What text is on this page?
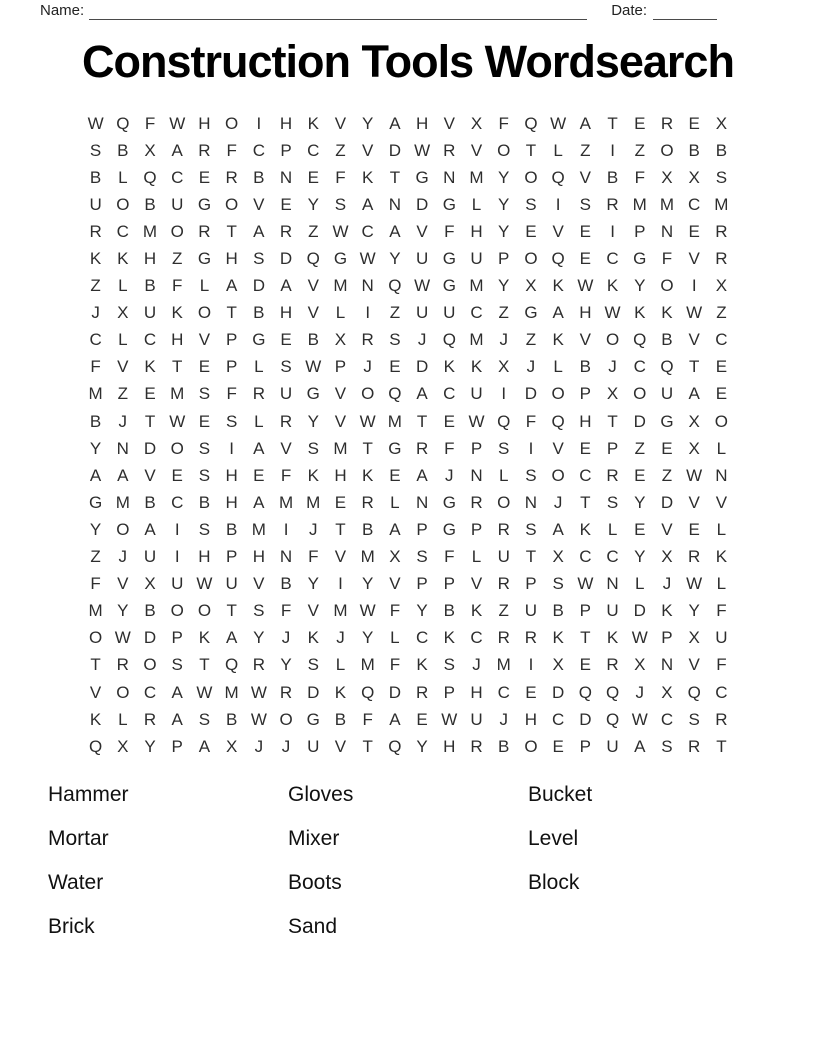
Name:	Date:
Construction Tools Wordsearch
W Q F W H O	I	H K V Y A H V X F Q W A T E R E X
S B X A R F C P C Z V D W R V O T	L	Z	I	Z O B B
B L Q C E R B N E F K T G N M Y O Q V B F X X S
U O B U G O V E Y S A N D G L Y S	I	S R M M C M
R C M O R T A R Z W C A V F H Y E V E	I	P N E R
K K H Z G H S D Q G W Y U G U P O Q E C G F V R
Z	L B F	L A D A V M N Q W G M Y X K W K Y O	I	X
J	X U K O T B H V L	I	Z U U C Z G A H W K K W Z
C L C H V P G E B X R S	J Q M J	Z K V O Q B V C
F V K T E P L S W P	J	E D K K X	J	L B	J C Q T E
M Z E M S F R U G V O Q A C U	I	D O P X O U A E
B	J	T W E S L R Y V W M T E W Q F Q H T D G X O
Y N D O S	I	A V S M T G R F P S	I	V E P Z E X L
A A V E S H E F K H K E A	J N L S O C R E Z W N
G M B C B H A M M E R L N G R O N J	T S Y D V V
Y O A	I	S B M	I	J	T B A P G P R S A K L E V E L
Z	J U	I	H P H N F V M X S F	L U T X C C Y X R K
F V X U W U V B Y	I	Y V P P V R P S W N L	J W L
M Y B O O T S F V M W F Y B K Z U B P U D K Y F
O W D P K A Y	J	K	J	Y L C K C R R K T K W P X U
T R O S T Q R Y S L M F K S	J M	I	X E R X N V F
V O C A W M W R D K Q D R P H C E D Q Q J	X Q C
K L R A S B W O G B F A E W U J H C D Q W C S R
Q X Y P A X	J	J U V T Q Y H R B O E P U A S R T
Hammer
Mortar
Water
Brick
Gloves
Mixer
Boots
Sand
Bucket
Level
Block
